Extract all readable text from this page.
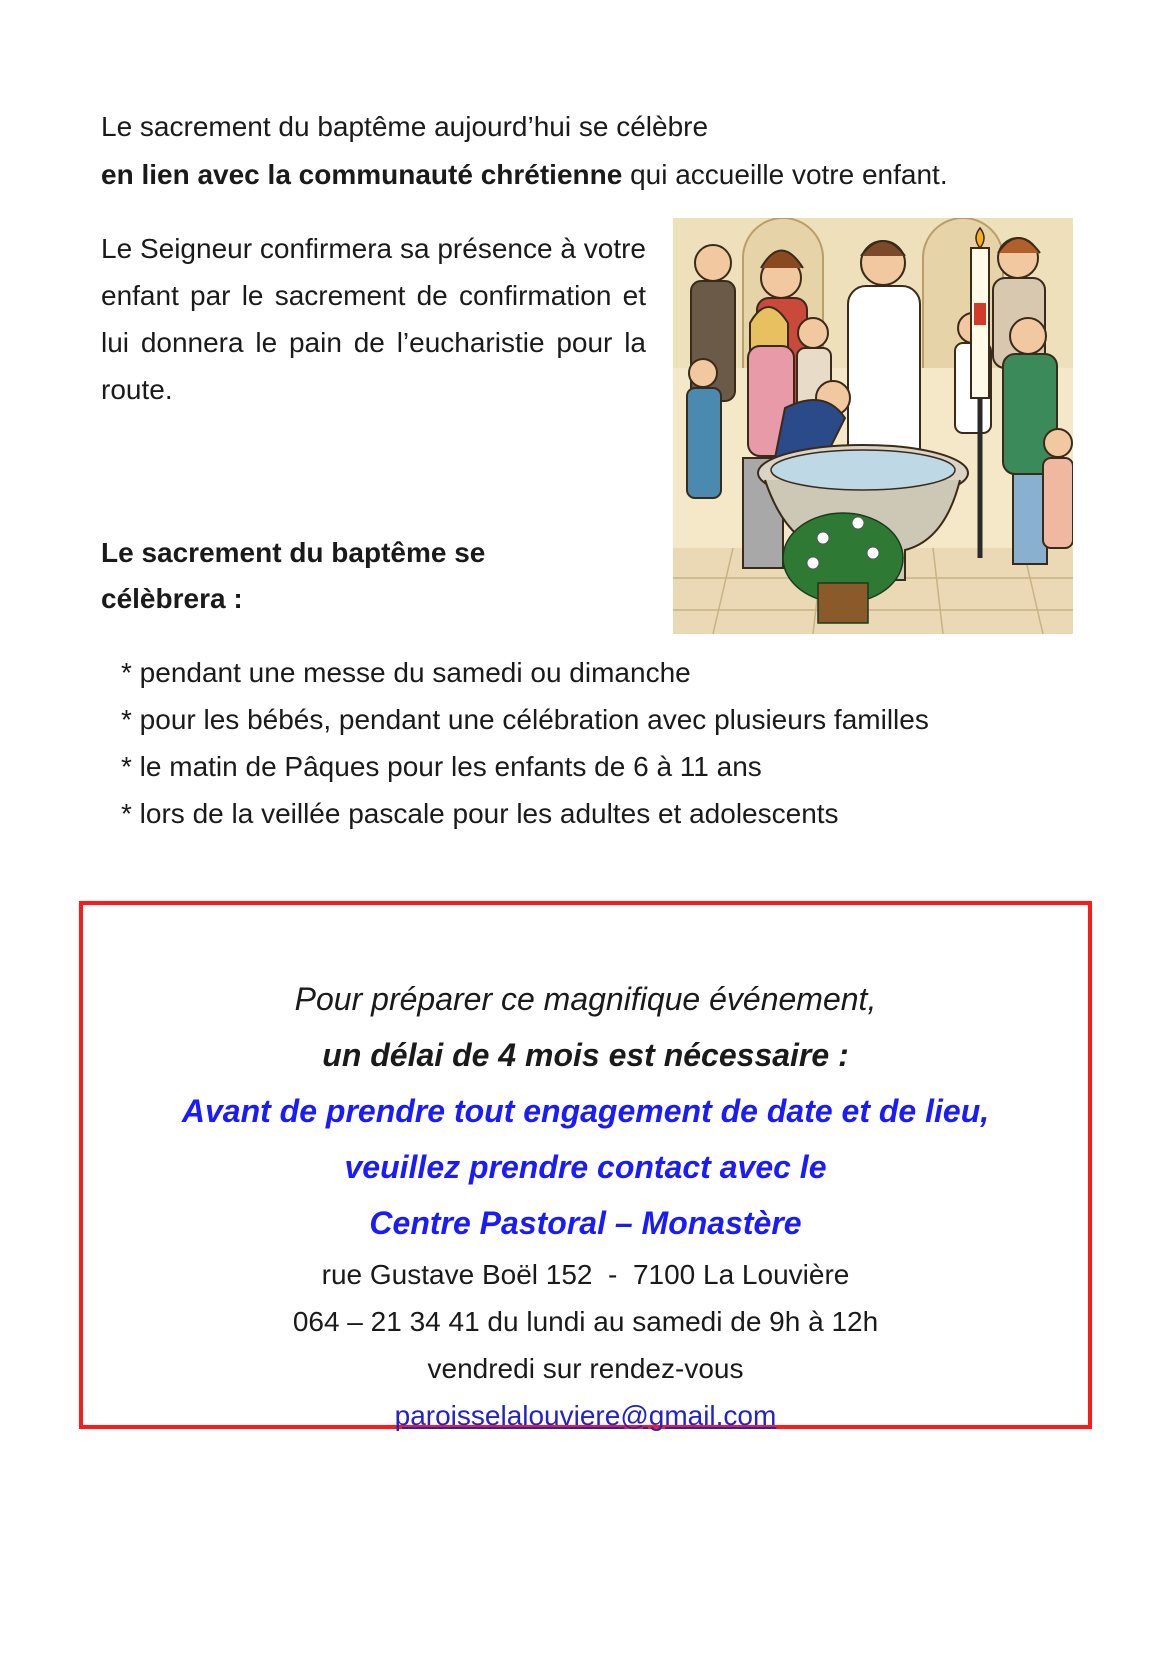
Le sacrement du baptême aujourd’hui se célèbre
en lien avec la communauté chrétienne qui accueille votre enfant.
Le Seigneur confirmera sa présence à votre enfant par le sacrement de confirmation et lui donnera le pain de l’eucharistie pour la route.
Le sacrement du baptême se célèbrera :
* pendant une messe du samedi ou dimanche
* pour les bébés, pendant une célébration avec plusieurs familles
* le matin de Pâques pour les enfants de 6 à 11 ans
* lors de la veillée pascale pour les adultes et adolescents
Pour préparer ce magnifique événement,
un délai de 4 mois est nécessaire :
Avant de prendre tout engagement de date et de lieu,
veuillez prendre contact avec le
Centre Pastoral – Monastère
rue Gustave Boël 152  -  7100 La Louvière
064 – 21 34 41 du lundi au samedi de 9h à 12h
vendredi sur rendez-vous
paroisselalouviere@gmail.com
